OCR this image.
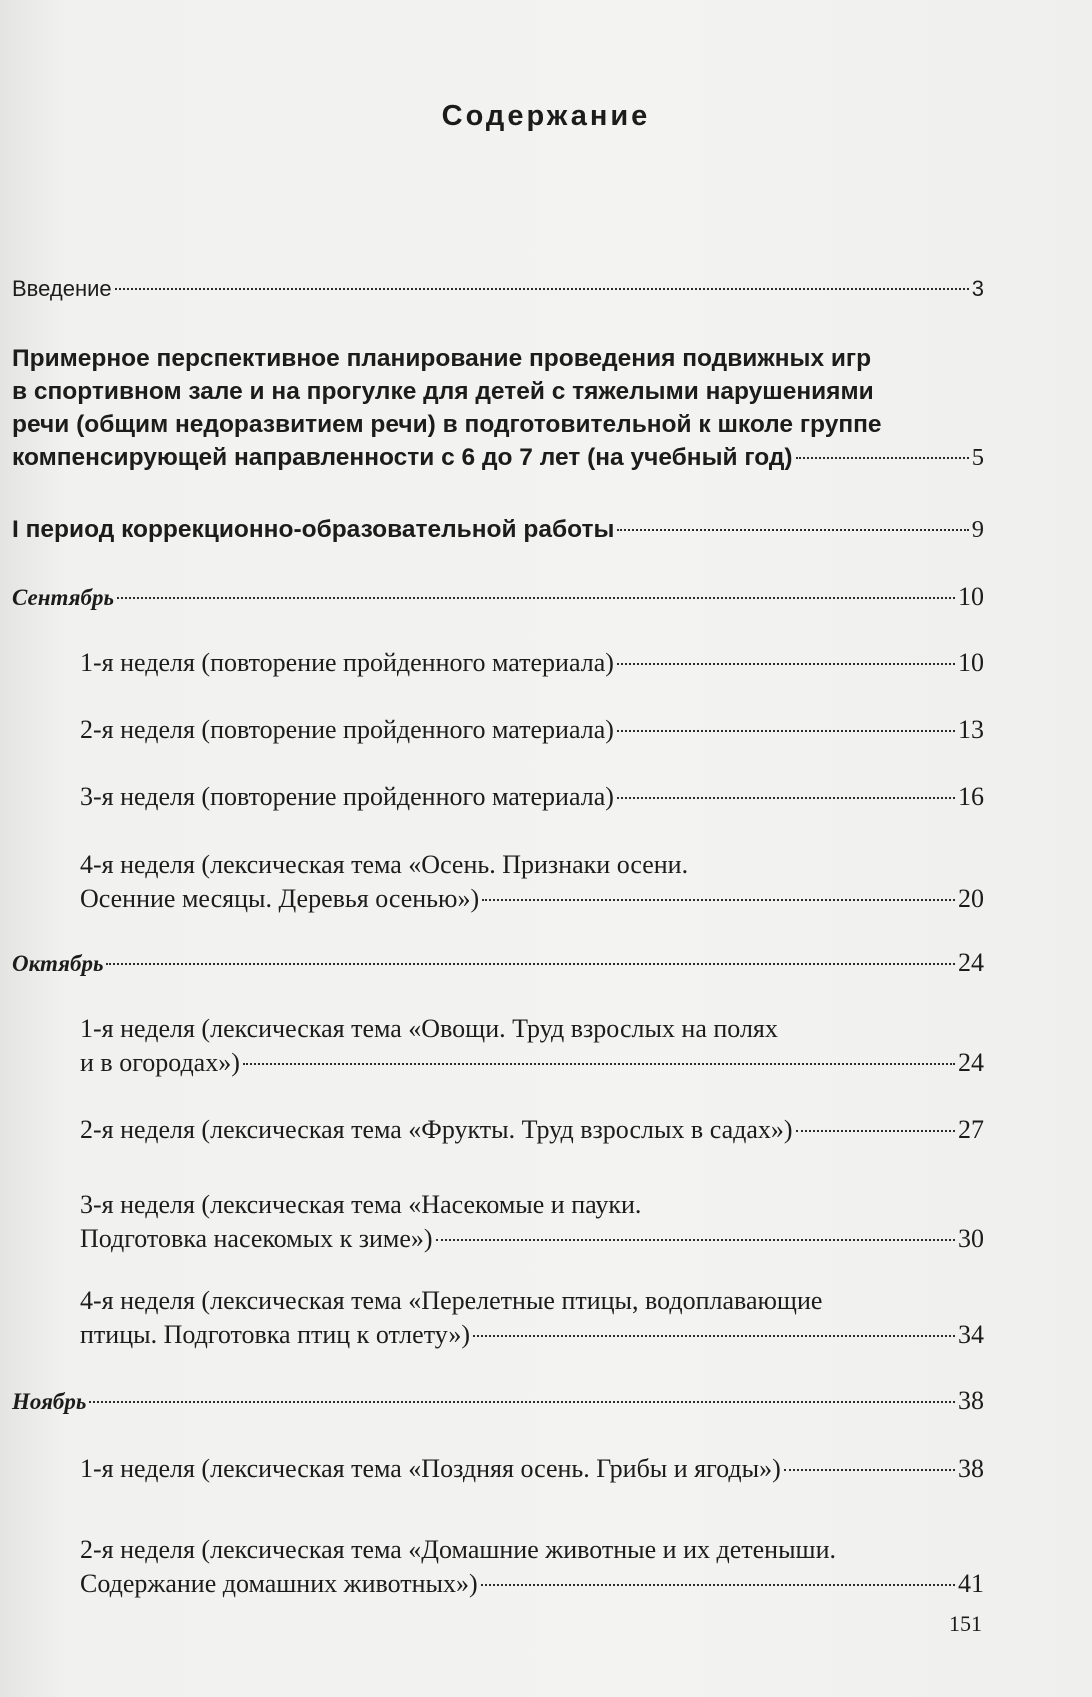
Содержание
Введение	3
Примерное перспективное планирование проведения подвижных игр
в спортивном зале и на прогулке для детей с тяжелыми нарушениями
речи (общим недоразвитием речи) в подготовительной к школе группе
компенсирующей направленности с 6 до 7 лет (на учебный год)	5
I период коррекционно-образовательной работы	9
Сентябрь	10
1-я неделя (повторение пройденного материала)	10
2-я неделя (повторение пройденного материала)	13
3-я неделя (повторение пройденного материала)	16
4-я неделя (лексическая тема «Осень. Признаки осени.
Осенние месяцы. Деревья осенью»)	20
Октябрь	24
1-я неделя (лексическая тема «Овощи. Труд взрослых на полях
и в огородах»)	24
2-я неделя (лексическая тема «Фрукты. Труд взрослых в садах»)	27
3-я неделя (лексическая тема «Насекомые и пауки.
Подготовка насекомых к зиме»)	30
4-я неделя (лексическая тема «Перелетные птицы, водоплавающие
птицы. Подготовка птиц к отлету»)	34
Ноябрь	38
1-я неделя (лексическая тема «Поздняя осень. Грибы и ягоды»)	38
2-я неделя (лексическая тема «Домашние животные и их детеныши.
Содержание домашних животных»)	41
151
